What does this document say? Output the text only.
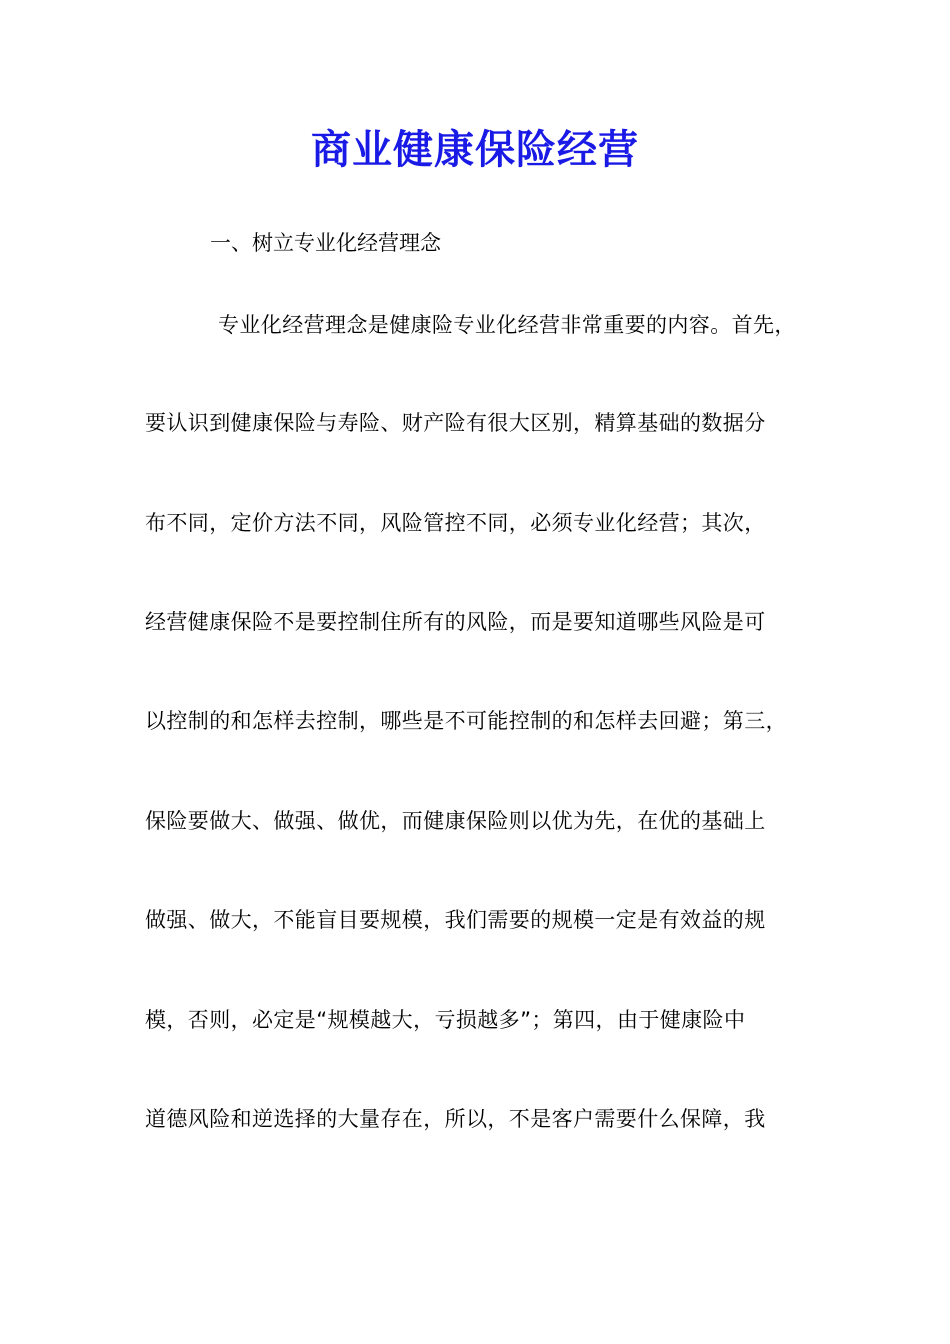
商业健康保险经营
一、树立专业化经营理念
专业化经营理念是健康险专业化经营非常重要的内容。首先，
要认识到健康保险与寿险、财产险有很大区别，精算基础的数据分
布不同，定价方法不同，风险管控不同，必须专业化经营；其次，
经营健康保险不是要控制住所有的风险，而是要知道哪些风险是可
以控制的和怎样去控制，哪些是不可能控制的和怎样去回避；第三，
保险要做大、做强、做优，而健康保险则以优为先，在优的基础上
做强、做大，不能盲目要规模，我们需要的规模一定是有效益的规
模，否则，必定是“规模越大，亏损越多”；第四，由于健康险中
道德风险和逆选择的大量存在，所以，不是客户需要什么保障，我
